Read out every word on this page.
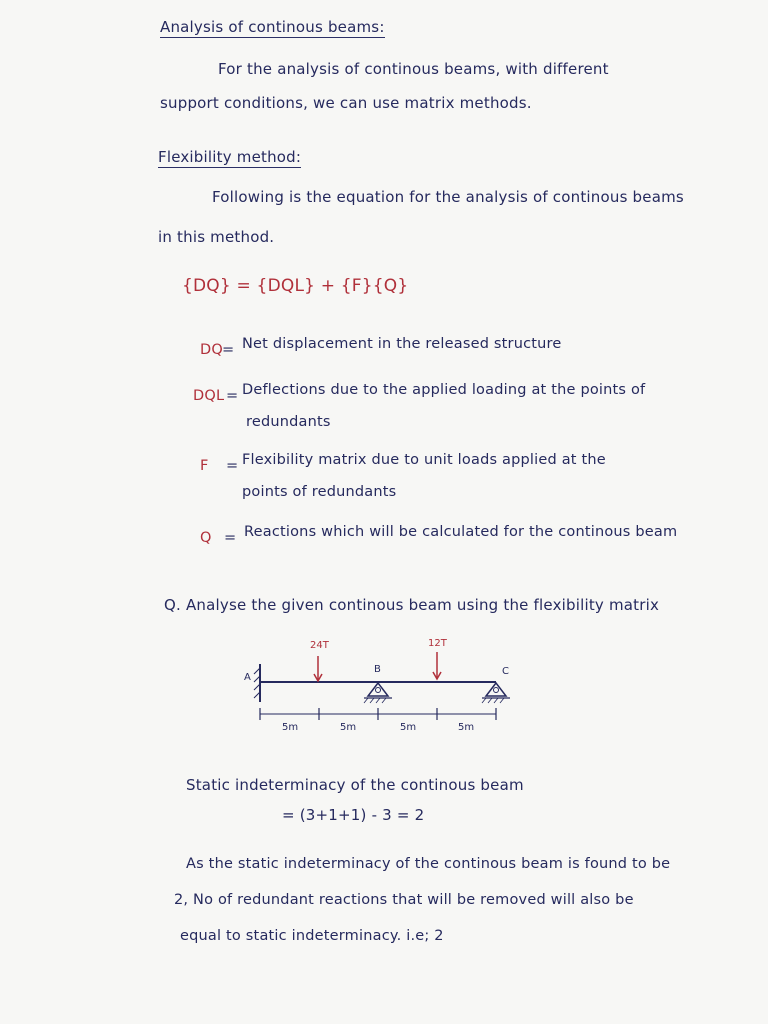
Analysis of continous beams:
For the analysis of continous beams, with different
support conditions, we can use matrix methods.
Flexibility method:
Following is the equation for the analysis of continous beams
in this method.
{DQ} = {DQL} + {F}{Q}
DQ = Net displacement in the released structure
DQL = Deflections due to the applied loading at the points of
redundants
F = Flexibility matrix due to unit loads applied at the
points of redundants
Q = Reactions which will be calculated for the continous beam
Q. Analyse the given continous beam using the flexibility matrix
A
24T	12T
B	C
5m	5m	5m	5m
Static indeterminacy of the continous beam
= (3+1+1) - 3 = 2
As the static indeterminacy of the continous beam is found to be
2, No of redundant reactions that will be removed will also be
equal to static indeterminacy. i.e; 2
